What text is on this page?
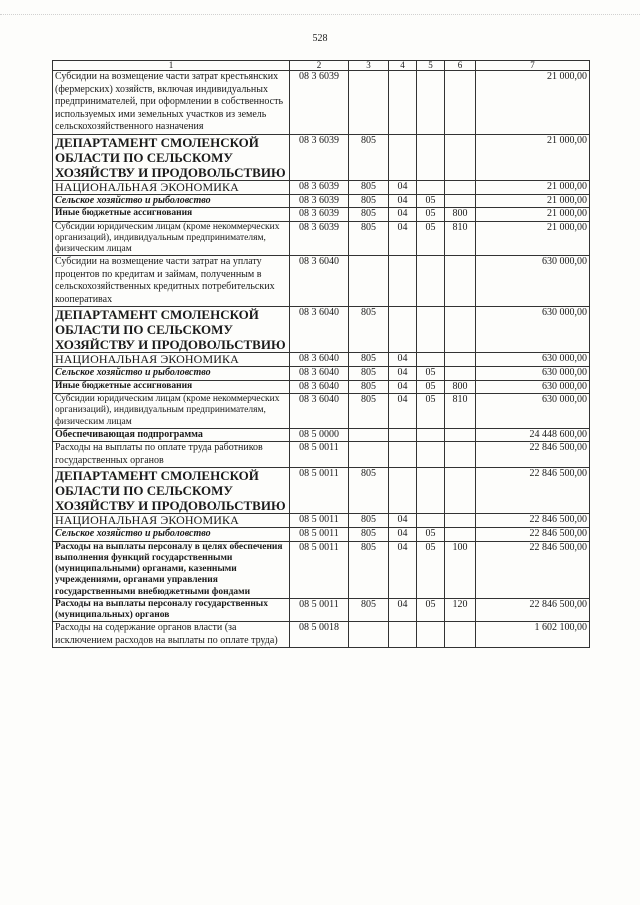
528
1	2	3	4	5	6	7
Субсидии на возмещение части затрат крестьянских (фермерских) хозяйств, включая индивидуальных предпринимателей, при оформлении в собственность используемых ими земельных участков из земель сельскохозяйственного назначения	08 3 6039					21 000,00
ДЕПАРТАМЕНТ СМОЛЕНСКОЙ ОБЛАСТИ ПО СЕЛЬСКОМУ ХОЗЯЙСТВУ И ПРОДОВОЛЬСТВИЮ	08 3 6039	805				21 000,00
НАЦИОНАЛЬНАЯ ЭКОНОМИКА	08 3 6039	805	04			21 000,00
Сельское хозяйство и рыболовство	08 3 6039	805	04	05		21 000,00
Иные бюджетные ассигнования	08 3 6039	805	04	05	800	21 000,00
Субсидии юридическим лицам (кроме некоммерческих организаций), индивидуальным предпринимателям, физическим лицам	08 3 6039	805	04	05	810	21 000,00
Субсидии на возмещение части затрат на уплату процентов по кредитам и займам, полученным в сельскохозяйственных кредитных потребительских кооперативах	08 3 6040					630 000,00
ДЕПАРТАМЕНТ СМОЛЕНСКОЙ ОБЛАСТИ ПО СЕЛЬСКОМУ ХОЗЯЙСТВУ И ПРОДОВОЛЬСТВИЮ	08 3 6040	805				630 000,00
НАЦИОНАЛЬНАЯ ЭКОНОМИКА	08 3 6040	805	04			630 000,00
Сельское хозяйство и рыболовство	08 3 6040	805	04	05		630 000,00
Иные бюджетные ассигнования	08 3 6040	805	04	05	800	630 000,00
Субсидии юридическим лицам (кроме некоммерческих организаций), индивидуальным предпринимателям, физическим лицам	08 3 6040	805	04	05	810	630 000,00
Обеспечивающая подпрограмма	08 5 0000					24 448 600,00
Расходы на выплаты по оплате труда работников государственных органов	08 5 0011					22 846 500,00
ДЕПАРТАМЕНТ СМОЛЕНСКОЙ ОБЛАСТИ ПО СЕЛЬСКОМУ ХОЗЯЙСТВУ И ПРОДОВОЛЬСТВИЮ	08 5 0011	805				22 846 500,00
НАЦИОНАЛЬНАЯ ЭКОНОМИКА	08 5 0011	805	04			22 846 500,00
Сельское хозяйство и рыболовство	08 5 0011	805	04	05		22 846 500,00
Расходы на выплаты персоналу в целях обеспечения выполнения функций государственными (муниципальными) органами, казенными учреждениями, органами управления государственными внебюджетными фондами	08 5 0011	805	04	05	100	22 846 500,00
Расходы на выплаты персоналу государственных (муниципальных) органов	08 5 0011	805	04	05	120	22 846 500,00
Расходы на содержание органов власти (за исключением расходов на выплаты по оплате труда)	08 5 0018					1 602 100,00
